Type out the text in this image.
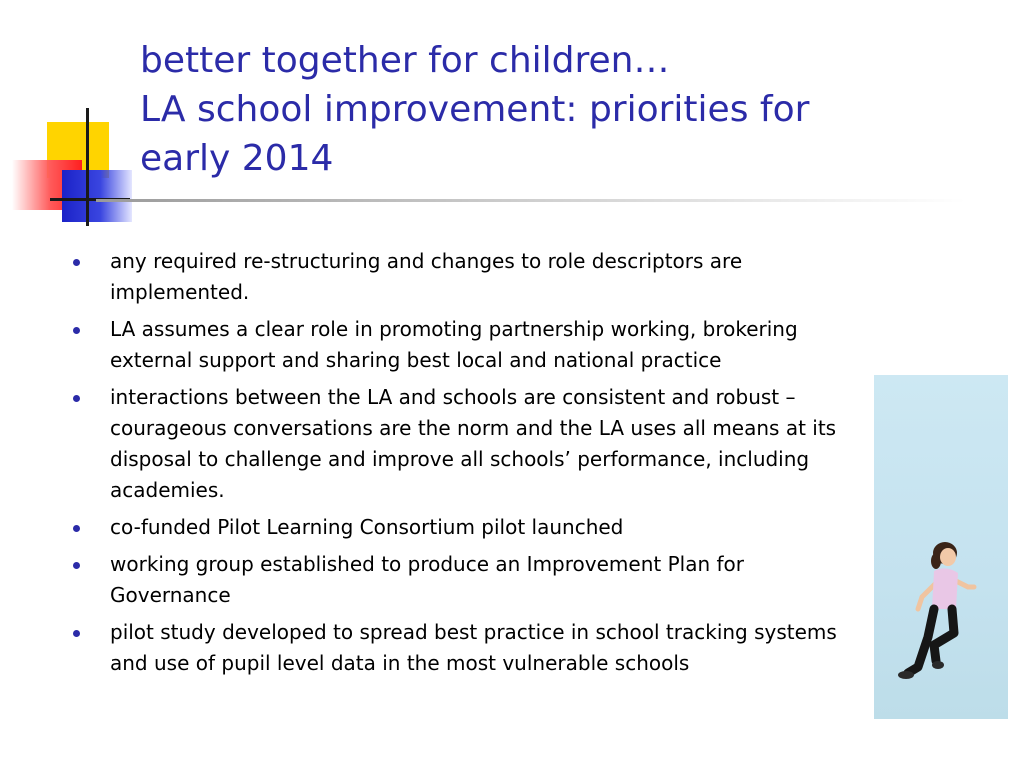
better together for children…
LA school improvement: priorities for
early 2014
any required re-structuring and changes to role descriptors are implemented.
LA assumes a clear role in promoting partnership working, brokering external support and sharing best local and national practice
interactions between the LA and schools are consistent and robust – courageous conversations are the norm and the LA uses all means at its disposal to challenge and improve all schools’ performance, including academies.
co-funded Pilot Learning Consortium pilot launched
working group established to produce an Improvement Plan for Governance
pilot study developed to spread best practice in school tracking systems and use of pupil level data in the most vulnerable schools
